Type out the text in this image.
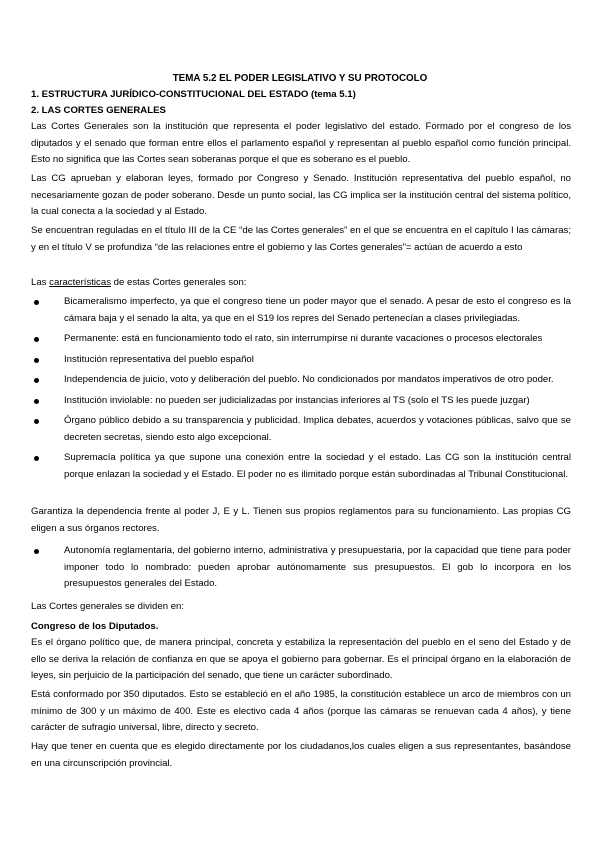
TEMA 5.2 EL PODER LEGISLATIVO Y SU PROTOCOLO
1. ESTRUCTURA JURÍDICO-CONSTITUCIONAL DEL ESTADO (tema 5.1)
2. LAS CORTES GENERALES
Las Cortes Generales son la institución que representa el poder legislativo del estado. Formado por el congreso de los diputados y el senado que forman entre ellos el parlamento español y representan al pueblo español como función principal. Esto no significa que las Cortes sean soberanas porque el que es soberano es el pueblo.
Las CG aprueban y elaboran leyes, formado por Congreso y Senado. Institución representativa del pueblo español, no necesariamente gozan de poder soberano. Desde un punto social, las CG implica ser la institución central del sistema político, la cual conecta a la sociedad y al Estado.
Se encuentran reguladas en el título III de la CE “de las Cortes generales” en el que se encuentra en el capítulo I las cámaras; y en el título V se profundiza “de las relaciones entre el gobierno y las Cortes generales”= actúan de acuerdo a esto
Las características de estas Cortes generales son:
Bicameralismo imperfecto, ya que el congreso tiene un poder mayor que el senado. A pesar de esto el congreso es la cámara baja y el senado la alta, ya que en el S19 los repres del Senado pertenecían a clases privilegiadas.
Permanente: está en funcionamiento todo el rato, sin interrumpirse ni durante vacaciones o procesos electorales
Institución representativa del pueblo español
Independencia de juicio, voto y deliberación del pueblo. No condicionados por mandatos imperativos de otro poder.
Institución inviolable: no pueden ser judicializadas por instancias inferiores al TS (solo el TS les puede juzgar)
Órgano público debido a su transparencia y publicidad. Implica debates, acuerdos y votaciones públicas, salvo que se decreten secretas, siendo esto algo excepcional.
Supremacía política ya que supone una conexión entre la sociedad y el estado. Las CG son la institución central porque enlazan la sociedad y el Estado. El poder no es ilimitado porque están subordinadas al Tribunal Constitucional.
Garantiza la dependencia frente al poder J, E y L. Tienen sus propios reglamentos para su funcionamiento. Las propias CG eligen a sus órganos rectores.
Autonomía reglamentaria, del gobierno interno, administrativa y presupuestaria, por la capacidad que tiene para poder imponer todo lo nombrado: pueden aprobar autónomamente sus presupuestos. El gob lo incorpora en los presupuestos generales del Estado.
Las Cortes generales se dividen en:
Congreso de los Diputados.
Es el órgano político que, de manera principal, concreta y estabiliza la representación del pueblo en el seno del Estado y de ello se deriva la relación de confianza en que se apoya el gobierno para gobernar. Es el principal órgano en la elaboración de leyes, sin perjuicio de la participación del senado, que tiene un carácter subordinado.
Está conformado por 350 diputados. Esto se estableció en el año 1985, la constitución establece un arco de miembros con un mínimo de 300 y un máximo de 400. Este es electivo cada 4 años (porque las cámaras se renuevan cada 4 años), y tiene carácter de sufragio universal, libre, directo y secreto.
Hay que tener en cuenta que es elegido directamente por los ciudadanos,los cuales eligen a sus representantes, basándose en una circunscripción provincial.
